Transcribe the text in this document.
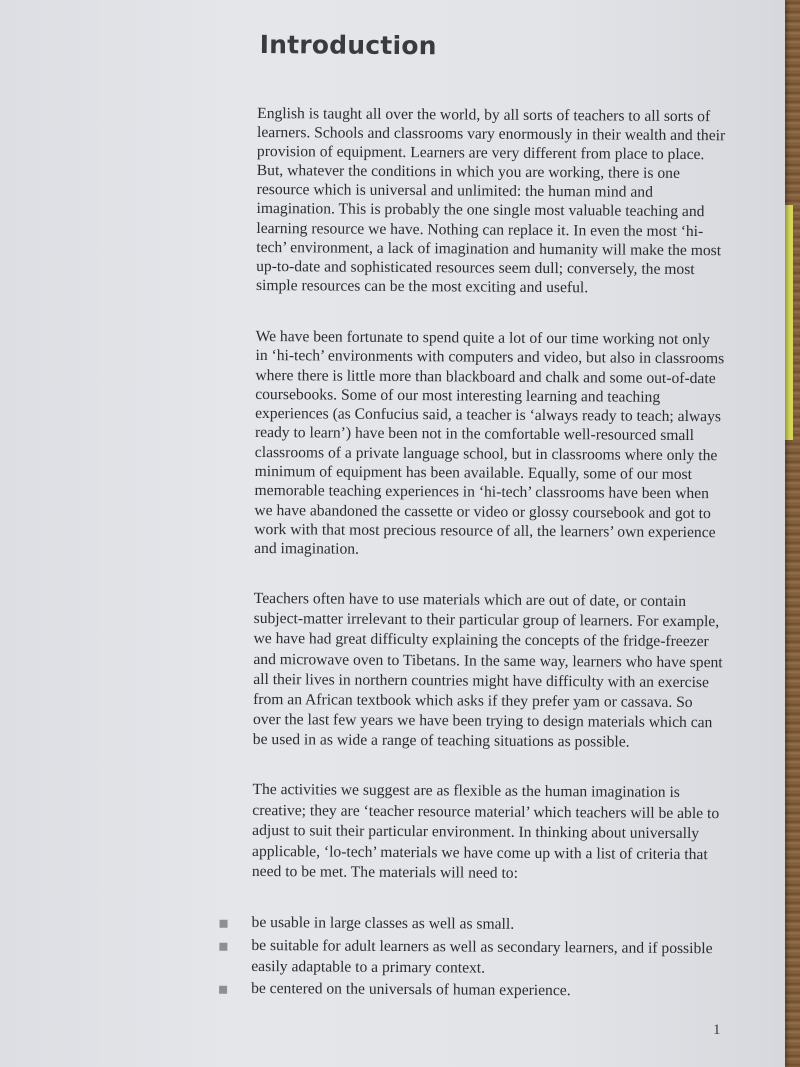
Introduction

English is taught all over the world, by all sorts of teachers to all sorts of learners. Schools and classrooms vary enormously in their wealth and their provision of equipment. Learners are very different from place to place. But, whatever the conditions in which you are working, there is one resource which is universal and unlimited: the human mind and imagination. This is probably the one single most valuable teaching and learning resource we have. Nothing can replace it. In even the most ‘hi-tech’ environment, a lack of imagination and humanity will make the most up-to-date and sophisticated resources seem dull; conversely, the most simple resources can be the most exciting and useful.

We have been fortunate to spend quite a lot of our time working not only in ‘hi-tech’ environments with computers and video, but also in classrooms where there is little more than blackboard and chalk and some out-of-date coursebooks. Some of our most interesting learning and teaching experiences (as Confucius said, a teacher is ‘always ready to teach; always ready to learn’) have been not in the comfortable well-resourced small classrooms of a private language school, but in classrooms where only the minimum of equipment has been available. Equally, some of our most memorable teaching experiences in ‘hi-tech’ classrooms have been when we have abandoned the cassette or video or glossy coursebook and got to work with that most precious resource of all, the learners’ own experience and imagination.

Teachers often have to use materials which are out of date, or contain subject-matter irrelevant to their particular group of learners. For example, we have had great difficulty explaining the concepts of the fridge-freezer and microwave oven to Tibetans. In the same way, learners who have spent all their lives in northern countries might have difficulty with an exercise from an African textbook which asks if they prefer yam or cassava. So over the last few years we have been trying to design materials which can be used in as wide a range of teaching situations as possible.

The activities we suggest are as flexible as the human imagination is creative; they are ‘teacher resource material’ which teachers will be able to adjust to suit their particular environment. In thinking about universally applicable, ‘lo-tech’ materials we have come up with a list of criteria that need to be met. The materials will need to:

be usable in large classes as well as small.
be suitable for adult learners as well as secondary learners, and if possible easily adaptable to a primary context.
be centered on the universals of human experience.
1
